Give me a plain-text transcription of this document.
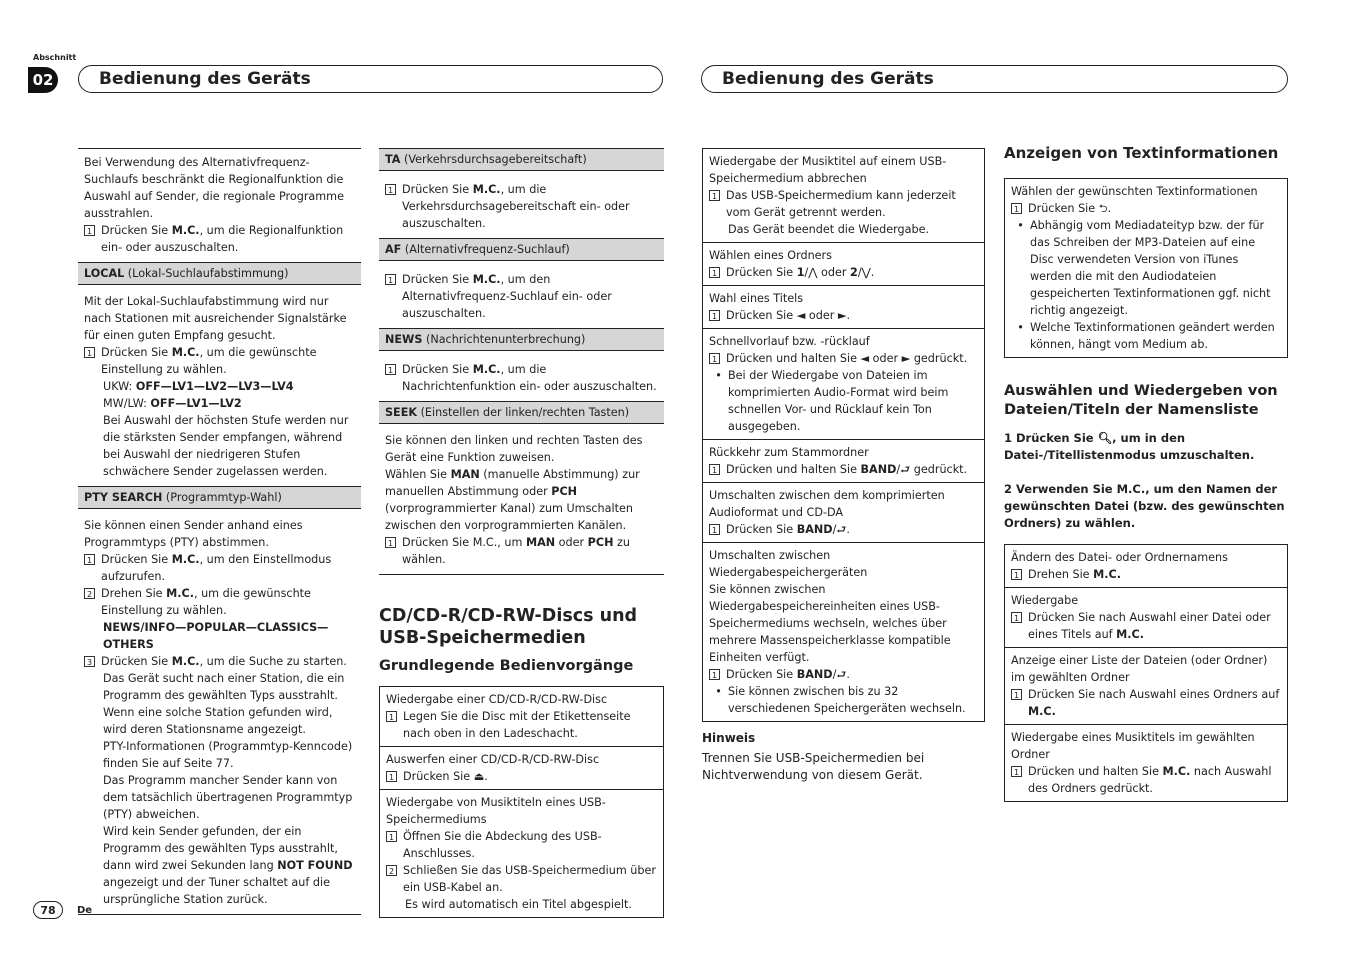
Abschnitt
02	Bedienung des Geräts	Bedienung des Geräts
Bei Verwendung des Alternativfrequenz-Suchlaufs beschränkt die Regionalfunktion die Auswahl auf Sender, die regionale Programme ausstrahlen.
1 Drücken Sie M.C., um die Regionalfunktion ein- oder auszuschalten.
LOCAL (Lokal-Suchlaufabstimmung)
Mit der Lokal-Suchlaufabstimmung wird nur nach Stationen mit ausreichender Signalstärke für einen guten Empfang gesucht.
1 Drücken Sie M.C., um die gewünschte Einstellung zu wählen.
UKW: OFF—LV1—LV2—LV3—LV4
MW/LW: OFF—LV1—LV2
Bei Auswahl der höchsten Stufe werden nur die stärksten Sender empfangen, während bei Auswahl der niedrigeren Stufen schwächere Sender zugelassen werden.
PTY SEARCH (Programmtyp-Wahl)
Sie können einen Sender anhand eines Programmtyps (PTY) abstimmen.
1 Drücken Sie M.C., um den Einstellmodus aufzurufen.
2 Drehen Sie M.C., um die gewünschte Einstellung zu wählen.
NEWS/INFO—POPULAR—CLASSICS—OTHERS
3 Drücken Sie M.C., um die Suche zu starten.
Das Gerät sucht nach einer Station, die ein Programm des gewählten Typs ausstrahlt. Wenn eine solche Station gefunden wird, wird deren Stationsname angezeigt.
PTY-Informationen (Programmtyp-Kenncode) finden Sie auf Seite 77.
Das Programm mancher Sender kann von dem tatsächlich übertragenen Programmtyp (PTY) abweichen.
Wird kein Sender gefunden, der ein Programm des gewählten Typs ausstrahlt, dann wird zwei Sekunden lang NOT FOUND angezeigt und der Tuner schaltet auf die ursprüngliche Station zurück.
TA (Verkehrsdurchsagebereitschaft)
1 Drücken Sie M.C., um die Verkehrsdurchsagebereitschaft ein- oder auszuschalten.
AF (Alternativfrequenz-Suchlauf)
1 Drücken Sie M.C., um den Alternativfrequenz-Suchlauf ein- oder auszuschalten.
NEWS (Nachrichtenunterbrechung)
1 Drücken Sie M.C., um die Nachrichtenfunktion ein- oder auszuschalten.
SEEK (Einstellen der linken/rechten Tasten)
Sie können den linken und rechten Tasten des Gerät eine Funktion zuweisen.
Wählen Sie MAN (manuelle Abstimmung) zur manuellen Abstimmung oder PCH (vorprogrammierter Kanal) zum Umschalten zwischen den vorprogrammierten Kanälen.
1 Drücken Sie M.C., um MAN oder PCH zu wählen.
CD/CD-R/CD-RW-Discs und USB-Speichermedien
Grundlegende Bedienvorgänge
Wiedergabe einer CD/CD-R/CD-RW-Disc
1 Legen Sie die Disc mit der Etikettenseite nach oben in den Ladeschacht.
Auswerfen einer CD/CD-R/CD-RW-Disc
1 Drücken Sie ⏏.
Wiedergabe von Musiktiteln eines USB-Speichermediums
1 Öffnen Sie die Abdeckung des USB-Anschlusses.
2 Schließen Sie das USB-Speichermedium über ein USB-Kabel an.
Es wird automatisch ein Titel abgespielt.
Wiedergabe der Musiktitel auf einem USB-Speichermedium abbrechen
1 Das USB-Speichermedium kann jederzeit vom Gerät getrennt werden.
Das Gerät beendet die Wiedergabe.
Wählen eines Ordners
1 Drücken Sie 1/⋀ oder 2/⋁.
Wahl eines Titels
1 Drücken Sie ◄ oder ►.
Schnellvorlauf bzw. -rücklauf
1 Drücken und halten Sie ◄ oder ► gedrückt.
• Bei der Wiedergabe von Dateien im komprimierten Audio-Format wird beim schnellen Vor- und Rücklauf kein Ton ausgegeben.
Rückkehr zum Stammordner
1 Drücken und halten Sie BAND/⮐ gedrückt.
Umschalten zwischen dem komprimierten Audioformat und CD-DA
1 Drücken Sie BAND/⮐.
Umschalten zwischen Wiedergabespeichergeräten
Sie können zwischen Wiedergabespeichereinheiten eines USB-Speichermediums wechseln, welches über mehrere Massenspeicherklasse kompatible Einheiten verfügt.
1 Drücken Sie BAND/⮐.
• Sie können zwischen bis zu 32 verschiedenen Speichergeräten wechseln.
Hinweis
Trennen Sie USB-Speichermedien bei Nichtverwendung von diesem Gerät.
Anzeigen von Textinformationen
Wählen der gewünschten Textinformationen
1 Drücken Sie ⮌.
• Abhängig vom Mediadateityp bzw. der für das Schreiben der MP3-Dateien auf eine Disc verwendeten Version von iTunes werden die mit den Audiodateien gespeicherten Textinformationen ggf. nicht richtig angezeigt.
• Welche Textinformationen geändert werden können, hängt vom Medium ab.
Auswählen und Wiedergeben von Dateien/Titeln der Namensliste
1 Drücken Sie 🔍︎, um in den Datei-/Titellistenmodus umzuschalten.
2 Verwenden Sie M.C., um den Namen der gewünschten Datei (bzw. des gewünschten Ordners) zu wählen.
Ändern des Datei- oder Ordnernamens
1 Drehen Sie M.C.
Wiedergabe
1 Drücken Sie nach Auswahl einer Datei oder eines Titels auf M.C.
Anzeige einer Liste der Dateien (oder Ordner) im gewählten Ordner
1 Drücken Sie nach Auswahl eines Ordners auf M.C.
Wiedergabe eines Musiktitels im gewählten Ordner
1 Drücken und halten Sie M.C. nach Auswahl des Ordners gedrückt.
78	De
